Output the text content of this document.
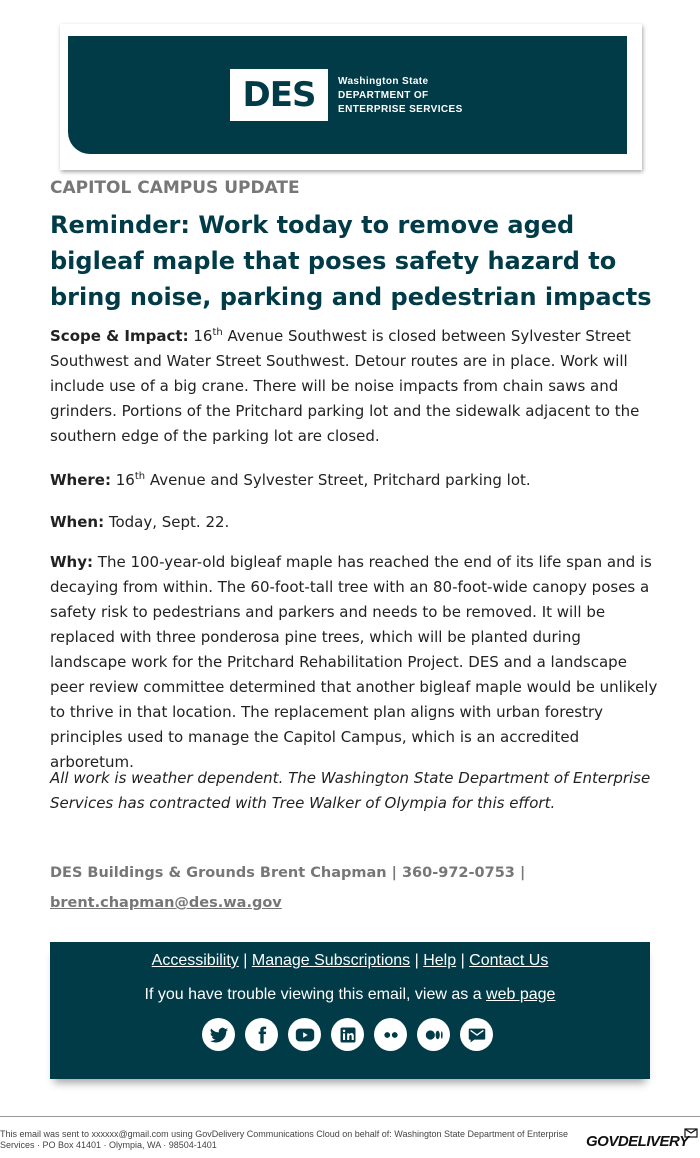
DES Washington State
DEPARTMENT OF
ENTERPRISE SERVICES
CAPITOL CAMPUS UPDATE
Reminder: Work today to remove aged bigleaf maple that poses safety hazard to bring noise, parking and pedestrian impacts

Scope & Impact: 16th Avenue Southwest is closed between Sylvester Street Southwest and Water Street Southwest. Detour routes are in place. Work will include use of a big crane. There will be noise impacts from chain saws and grinders. Portions of the Pritchard parking lot and the sidewalk adjacent to the southern edge of the parking lot are closed.

Where: 16th Avenue and Sylvester Street, Pritchard parking lot.

When: Today, Sept. 22.

Why: The 100-year-old bigleaf maple has reached the end of its life span and is decaying from within. The 60-foot-tall tree with an 80-foot-wide canopy poses a safety risk to pedestrians and parkers and needs to be removed. It will be replaced with three ponderosa pine trees, which will be planted during landscape work for the Pritchard Rehabilitation Project. DES and a landscape peer review committee determined that another bigleaf maple would be unlikely to thrive in that location. The replacement plan aligns with urban forestry principles used to manage the Capitol Campus, which is an accredited arboretum.

All work is weather dependent. The Washington State Department of Enterprise Services has contracted with Tree Walker of Olympia for this effort.

DES Buildings & Grounds Brent Chapman | 360-972-0753 |
brent.chapman@des.wa.gov
Accessibility | Manage Subscriptions | Help | Contact Us
If you have trouble viewing this email, view as a web page
This email was sent to xxxxxx@gmail.com using GovDelivery Communications Cloud on behalf of: Washington State Department of Enterprise Services · PO Box 41401 · Olympia, WA · 98504-1401	GOVDELIVERY
